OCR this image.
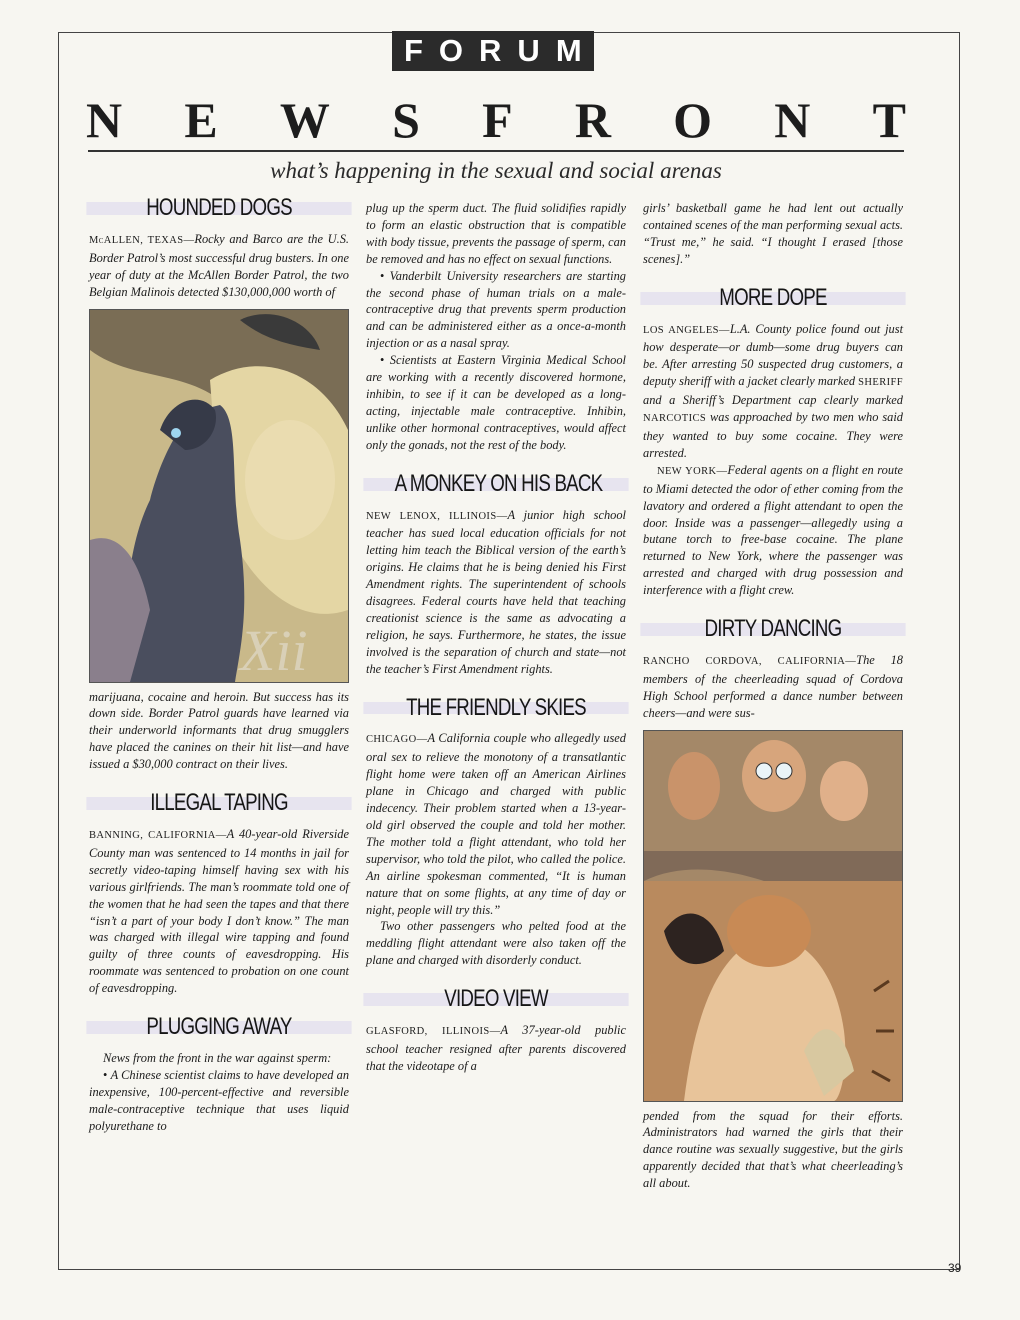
FORUM
N E W S F R O N T
what’s happening in the sexual and social arenas
HOUNDED DOGS

McALLEN, TEXAS—Rocky and Barco are the U.S. Border Patrol’s most successful drug busters. In one year of duty at the McAllen Border Patrol, the two Belgian Malinois detected $130,000,000 worth of

Xii

marijuana, cocaine and heroin. But success has its down side. Border Patrol guards have learned via their underworld informants that drug smugglers have placed the canines on their hit list—and have issued a $30,000 contract on their lives.

ILLEGAL TAPING

BANNING, CALIFORNIA—A 40-year-old Riverside County man was sentenced to 14 months in jail for secretly video-taping himself having sex with his various girlfriends. The man’s roommate told one of the women that he had seen the tapes and that there “isn’t a part of your body I don’t know.” The man was charged with illegal wire tapping and found guilty of three counts of eavesdropping. His roommate was sentenced to probation on one count of eavesdropping.

PLUGGING AWAY

News from the front in the war against sperm:

• A Chinese scientist claims to have developed an inexpensive, 100-percent-effective and reversible male-contraceptive technique that uses liquid polyurethane to

plug up the sperm duct. The fluid solidifies rapidly to form an elastic obstruction that is compatible with body tissue, prevents the passage of sperm, can be removed and has no effect on sexual functions.

• Vanderbilt University researchers are starting the second phase of human trials on a male-contraceptive drug that prevents sperm production and can be administered either as a once-a-month injection or as a nasal spray.

• Scientists at Eastern Virginia Medical School are working with a recently discovered hormone, inhibin, to see if it can be developed as a long-acting, injectable male contraceptive. Inhibin, unlike other hormonal contraceptives, would affect only the gonads, not the rest of the body.

A MONKEY ON HIS BACK

NEW LENOX, ILLINOIS—A junior high school teacher has sued local education officials for not letting him teach the Biblical version of the earth’s origins. He claims that he is being denied his First Amendment rights. The superintendent of schools disagrees. Federal courts have held that teaching creationist science is the same as advocating a religion, he says. Furthermore, he states, the issue involved is the separation of church and state—not the teacher’s First Amendment rights.

THE FRIENDLY SKIES

CHICAGO—A California couple who allegedly used oral sex to relieve the monotony of a transatlantic flight home were taken off an American Airlines plane in Chicago and charged with public indecency. Their problem started when a 13-year-old girl observed the couple and told her mother. The mother told a flight attendant, who told her supervisor, who told the pilot, who called the police. An airline spokesman commented, “It is human nature that on some flights, at any time of day or night, people will try this.”

Two other passengers who pelted food at the meddling flight attendant were also taken off the plane and charged with disorderly conduct.

VIDEO VIEW

GLASFORD, ILLINOIS—A 37-year-old public school teacher resigned after parents discovered that the videotape of a

girls’ basketball game he had lent out actually contained scenes of the man performing sexual acts. “Trust me,” he said. “I thought I erased [those scenes].”

MORE DOPE

LOS ANGELES—L.A. County police found out just how desperate—or dumb—some drug buyers can be. After arresting 50 suspected drug customers, a deputy sheriff with a jacket clearly marked SHERIFF and a Sheriff’s Department cap clearly marked NARCOTICS was approached by two men who said they wanted to buy some cocaine. They were arrested.

NEW YORK—Federal agents on a flight en route to Miami detected the odor of ether coming from the lavatory and ordered a flight attendant to open the door. Inside was a passenger—allegedly using a butane torch to free-base cocaine. The plane returned to New York, where the passenger was arrested and charged with drug possession and interference with a flight crew.

DIRTY DANCING

RANCHO CORDOVA, CALIFORNIA—The 18 members of the cheerleading squad of Cordova High School performed a dance number between cheers—and were sus-

pended from the squad for their efforts. Administrators had warned the girls that their dance routine was sexually suggestive, but the girls apparently decided that that’s what cheerleading’s all about.

39
